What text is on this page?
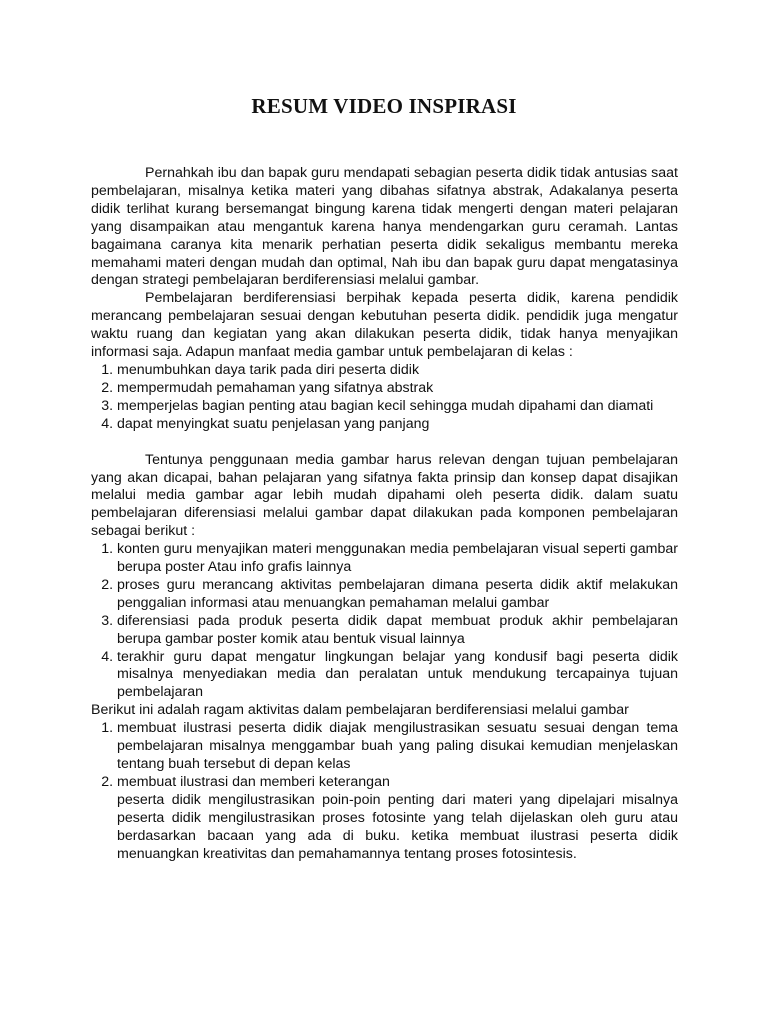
RESUM VIDEO INSPIRASI

Pernahkah ibu dan bapak guru mendapati sebagian peserta didik tidak antusias saat pembelajaran, misalnya ketika materi yang dibahas sifatnya abstrak, Adakalanya peserta didik terlihat kurang bersemangat bingung karena tidak mengerti dengan materi pelajaran yang disampaikan atau mengantuk karena hanya mendengarkan guru ceramah. Lantas bagaimana caranya kita menarik perhatian peserta didik sekaligus membantu mereka memahami materi dengan mudah dan optimal, Nah ibu dan bapak guru dapat mengatasinya dengan strategi pembelajaran berdiferensiasi melalui gambar.

Pembelajaran berdiferensiasi berpihak kepada peserta didik, karena pendidik merancang pembelajaran sesuai dengan kebutuhan peserta didik. pendidik juga mengatur waktu ruang dan kegiatan yang akan dilakukan peserta didik, tidak hanya menyajikan informasi saja. Adapun manfaat media gambar untuk pembelajaran di kelas :

1. menumbuhkan daya tarik pada diri peserta didik
2. mempermudah pemahaman yang sifatnya abstrak
3. memperjelas bagian penting atau bagian kecil sehingga mudah dipahami dan diamati
4. dapat menyingkat suatu penjelasan yang panjang

Tentunya penggunaan media gambar harus relevan dengan tujuan pembelajaran yang akan dicapai, bahan pelajaran yang sifatnya fakta prinsip dan konsep dapat disajikan melalui media gambar agar lebih mudah dipahami oleh peserta didik. dalam suatu pembelajaran diferensiasi melalui gambar dapat dilakukan pada komponen pembelajaran sebagai berikut :

1. konten guru menyajikan materi menggunakan media pembelajaran visual seperti gambar berupa poster Atau info grafis lainnya
2. proses guru merancang aktivitas pembelajaran dimana peserta didik aktif melakukan penggalian informasi atau menuangkan pemahaman melalui gambar
3. diferensiasi pada produk peserta didik dapat membuat produk akhir pembelajaran berupa gambar poster komik atau bentuk visual lainnya
4. terakhir guru dapat mengatur lingkungan belajar yang kondusif bagi peserta didik misalnya menyediakan media dan peralatan untuk mendukung tercapainya tujuan pembelajaran

Berikut ini adalah ragam aktivitas dalam pembelajaran berdiferensiasi melalui gambar

1. membuat ilustrasi peserta didik diajak mengilustrasikan sesuatu sesuai dengan tema pembelajaran misalnya menggambar buah yang paling disukai kemudian menjelaskan tentang buah tersebut di depan kelas
2. membuat ilustrasi dan memberi keterangan

peserta didik mengilustrasikan poin-poin penting dari materi yang dipelajari misalnya peserta didik mengilustrasikan proses fotosinte yang telah dijelaskan oleh guru atau berdasarkan bacaan yang ada di buku. ketika membuat ilustrasi peserta didik menuangkan kreativitas dan pemahamannya tentang proses fotosintesis.
